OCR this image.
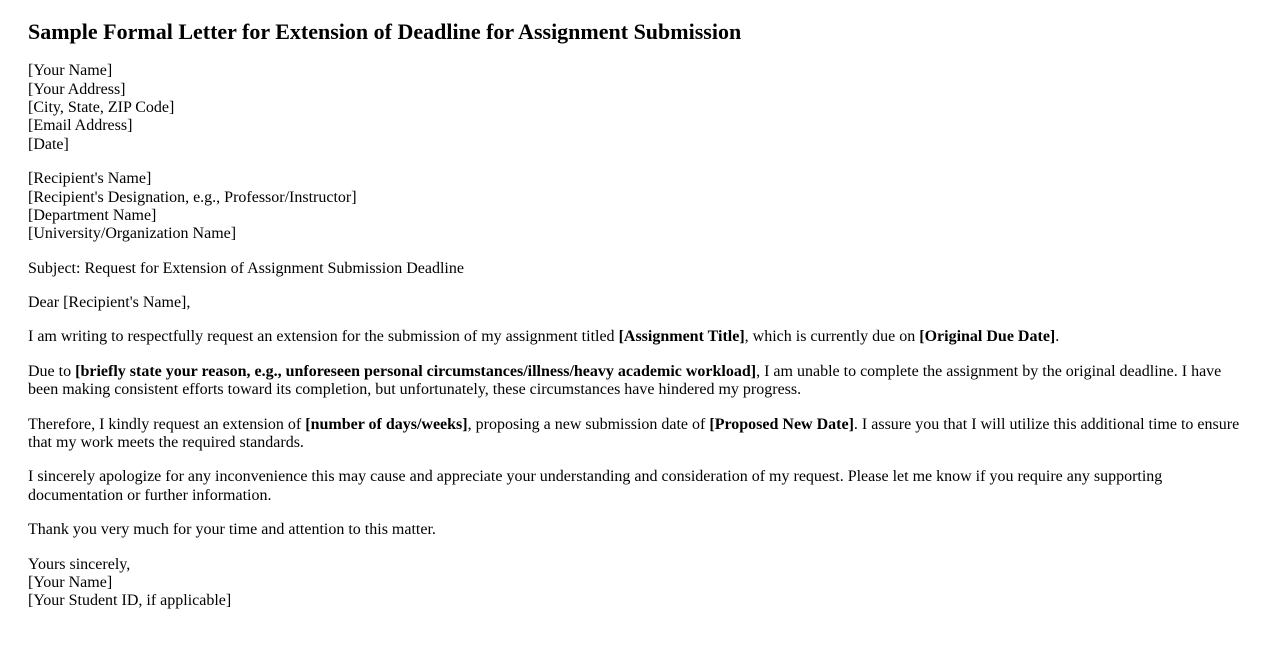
Sample Formal Letter for Extension of Deadline for Assignment Submission

[Your Name]
[Your Address]
[City, State, ZIP Code]
[Email Address]
[Date]

[Recipient's Name]
[Recipient's Designation, e.g., Professor/Instructor]
[Department Name]
[University/Organization Name]

Subject: Request for Extension of Assignment Submission Deadline

Dear [Recipient's Name],

I am writing to respectfully request an extension for the submission of my assignment titled [Assignment Title], which is currently due on [Original Due Date].

Due to [briefly state your reason, e.g., unforeseen personal circumstances/illness/heavy academic workload], I am unable to complete the assignment by the original deadline. I have been making consistent efforts toward its completion, but unfortunately, these circumstances have hindered my progress.

Therefore, I kindly request an extension of [number of days/weeks], proposing a new submission date of [Proposed New Date]. I assure you that I will utilize this additional time to ensure that my work meets the required standards.

I sincerely apologize for any inconvenience this may cause and appreciate your understanding and consideration of my request. Please let me know if you require any supporting documentation or further information.

Thank you very much for your time and attention to this matter.

Yours sincerely,
[Your Name]
[Your Student ID, if applicable]
